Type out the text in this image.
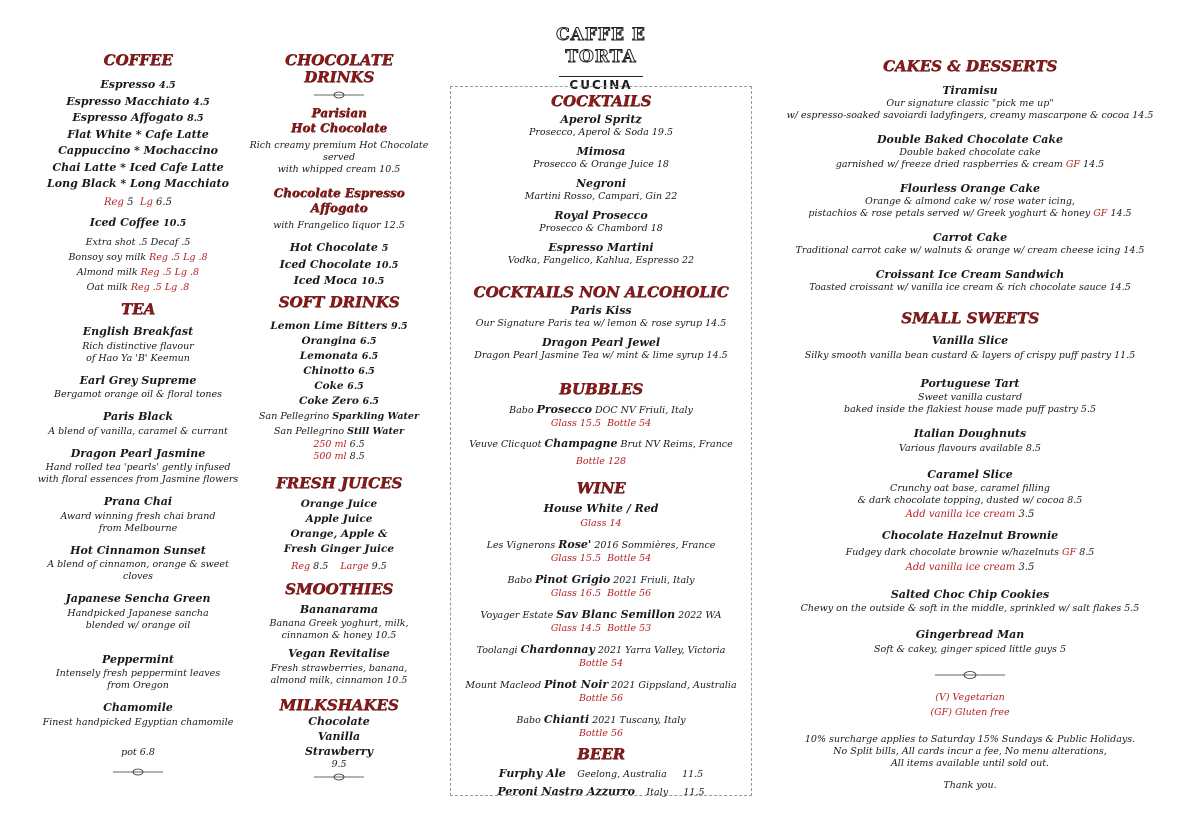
COFFEE
Espresso 4.5
Espresso Macchiato 4.5
Espresso Affogato 8.5
Flat White * Cafe Latte
Cappuccino * Mochaccino
Chai Latte * Iced Cafe Latte
Long Black * Long Macchiato
Reg 5 Lg 6.5
Iced Coffee 10.5
Extra shot .5 Decaf .5
Bonsoy soy milk Reg .5 Lg .8
Almond milk Reg .5 Lg .8
Oat milk Reg .5 Lg .8
TEA
English Breakfast
Rich distinctive flavour
of Hao Ya 'B' Keemun
Earl Grey Supreme
Bergamot orange oil & floral tones
Paris Black
A blend of vanilla, caramel & currant
Dragon Pearl Jasmine
Hand rolled tea 'pearls' gently infused
with floral essences from Jasmine flowers
Prana Chai
Award winning fresh chai brand
from Melbourne
Hot Cinnamon Sunset
A blend of cinnamon, orange & sweet
cloves
Japanese Sencha Green
Handpicked Japanese sancha
blended w/ orange oil
Peppermint
Intensely fresh peppermint leaves
from Oregon
Chamomile
Finest handpicked Egyptian chamomile
pot 6.8
CHOCOLATE
DRINKS
Parisian
Hot Chocolate
Rich creamy premium Hot Chocolate served
with whipped cream 10.5
Chocolate Espresso
Affogato
with Frangelico liquor 12.5
Hot Chocolate 5
Iced Chocolate 10.5
Iced Moca 10.5
SOFT DRINKS
Lemon Lime Bitters 9.5
Orangina 6.5
Lemonata 6.5
Chinotto 6.5
Coke 6.5
Coke Zero 6.5
San Pellegrino Sparkling Water
San Pellegrino Still Water
250 ml 6.5
500 ml 8.5
FRESH JUICES
Orange Juice
Apple Juice
Orange, Apple &
Fresh Ginger Juice
Reg 8.5 Large 9.5
SMOOTHIES
Bananarama
Banana Greek yoghurt, milk,
cinnamon & honey 10.5
Vegan Revitalise
Fresh strawberries, banana,
almond milk, cinnamon 10.5
MILKSHAKES
Chocolate
Vanilla
Strawberry
9.5
CAFFE E TORTA
CUCINA
COCKTAILS
Aperol Spritz
Prosecco, Aperol & Soda 19.5
Mimosa
Prosecco & Orange Juice 18
Negroni
Martini Rosso, Campari, Gin 22
Royal Prosecco
Prosecco & Chambord 18
Espresso Martini
Vodka, Fangelico, Kahlua, Espresso 22
COCKTAILS NON ALCOHOLIC
Paris Kiss
Our Signature Paris tea w/ lemon & rose syrup 14.5
Dragon Pearl Jewel
Dragon Pearl Jasmine Tea w/ mint & lime syrup 14.5
BUBBLES
Babo Prosecco DOC NV Friuli, Italy
Glass 15.5 Bottle 54
Veuve Clicquot Champagne Brut NV Reims, France
Bottle 128
WINE
House White / Red
Glass 14
Les Vignerons Rose' 2016 Sommières, France
Glass 15.5 Bottle 54
Babo Pinot Grigio 2021 Friuli, Italy
Glass 16.5 Bottle 56
Voyager Estate Sav Blanc Semillon 2022 WA
Glass 14.5 Bottle 53
Toolangi Chardonnay 2021 Yarra Valley, Victoria
Bottle 54
Mount Macleod Pinot Noir 2021 Gippsland, Australia
Bottle 56
Babo Chianti 2021 Tuscany, Italy
Bottle 56
BEER
Furphy Ale Geelong, Australia 11.5
Peroni Nastro Azzurro Italy 11.5
CAKES & DESSERTS
Tiramisu
Our signature classic "pick me up"
w/ espresso-soaked savoiardi ladyfingers, creamy mascarpone & cocoa 14.5
Double Baked Chocolate Cake
Double baked chocolate cake
garnished w/ freeze dried raspberries & cream GF 14.5
Flourless Orange Cake
Orange & almond cake w/ rose water icing,
pistachios & rose petals served w/ Greek yoghurt & honey GF 14.5
Carrot Cake
Traditional carrot cake w/ walnuts & orange w/ cream cheese icing 14.5
Croissant Ice Cream Sandwich
Toasted croissant w/ vanilla ice cream & rich chocolate sauce 14.5
SMALL SWEETS
Vanilla Slice
Silky smooth vanilla bean custard & layers of crispy puff pastry 11.5
Portuguese Tart
Sweet vanilla custard
baked inside the flakiest house made puff pastry 5.5
Italian Doughnuts
Various flavours available 8.5
Caramel Slice
Crunchy oat base, caramel filling
& dark chocolate topping, dusted w/ cocoa 8.5
Add vanilla ice cream 3.5
Chocolate Hazelnut Brownie
Fudgey dark chocolate brownie w/hazelnuts GF 8.5
Add vanilla ice cream 3.5
Salted Choc Chip Cookies
Chewy on the outside & soft in the middle, sprinkled w/ salt flakes 5.5
Gingerbread Man
Soft & cakey, ginger spiced little guys 5
(V) Vegetarian
(GF) Gluten free
10% surcharge applies to Saturday 15% Sundays & Public Holidays.
No Split bills, All cards incur a fee, No menu alterations,
All items available until sold out.
Thank you.
